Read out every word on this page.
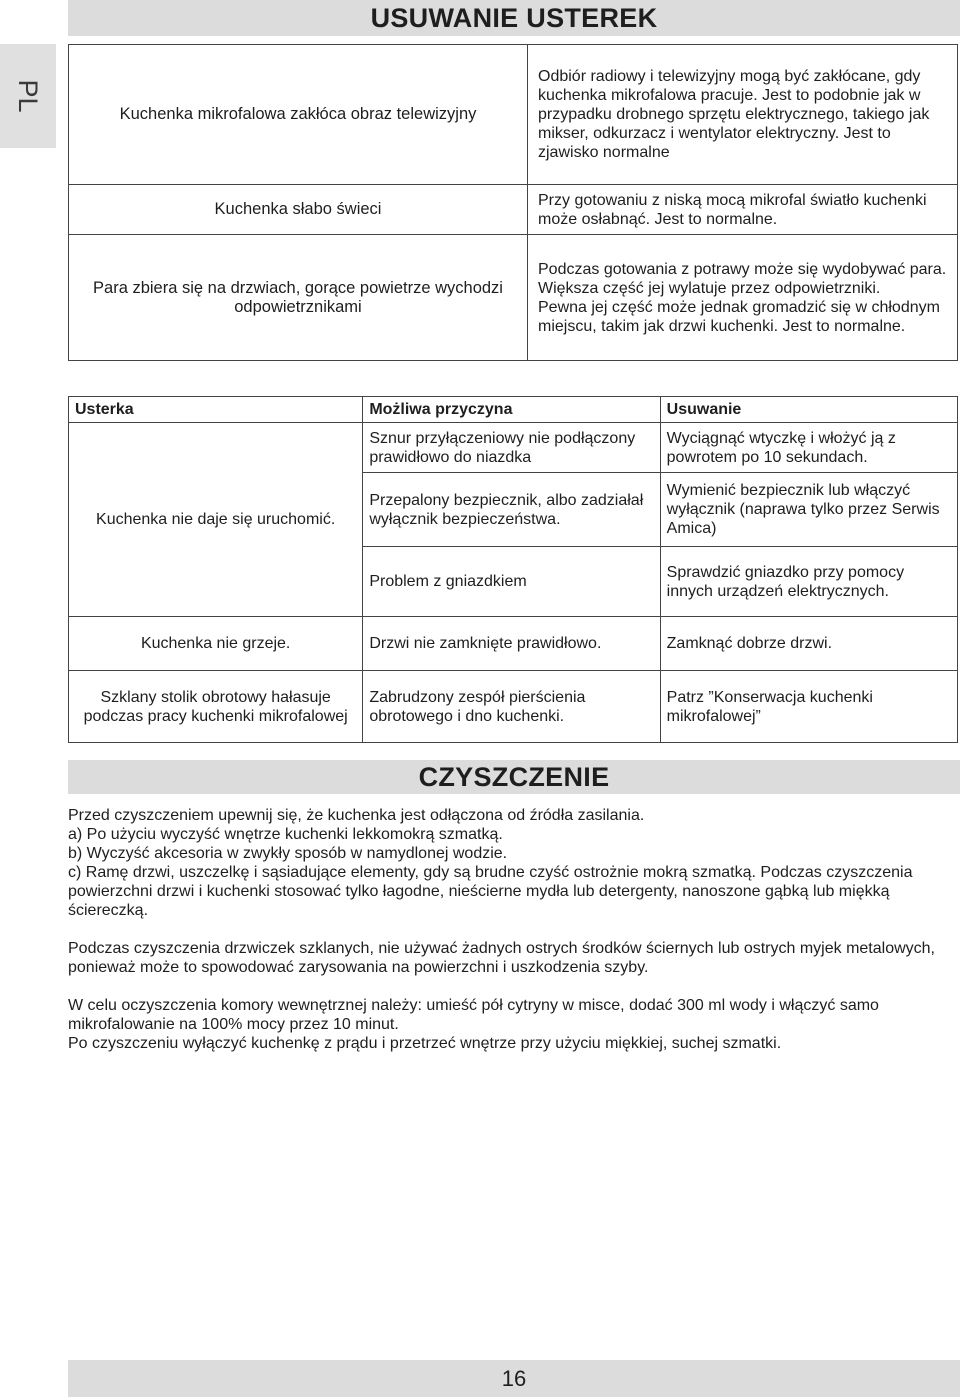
PL
USUWANIE USTEREK
Kuchenka mikrofalowa zakłóca obraz telewizyjny	Odbiór radiowy i telewizyjny mogą być zakłócane, gdy kuchenka mikrofalowa pracuje. Jest to podobnie jak w przypadku drobnego sprzętu elektrycznego, takiego jak mikser, odkurzacz i wentylator elektryczny. Jest to zjawisko normalne

Kuchenka słabo świeci	Przy gotowaniu z niską mocą mikrofal światło kuchenki może osłabnąć. Jest to normalne.

Para zbiera się na drzwiach, gorące powietrze wychodzi odpowietrznikami	Podczas gotowania z potrawy może się wydobywać para. Większa część jej wylatuje przez odpowietrzniki.

Pewna jej część może jednak gromadzić się w chłodnym miejscu, takim jak drzwi kuchenki. Jest to normalne.

Usterka	Możliwa przyczyna	Usuwanie
Kuchenka nie daje się uruchomić.	Sznur przyłączeniowy nie podłączony prawidłowo do niazdka	Wyciągnąć wtyczkę i włożyć ją z powrotem po 10 sekundach.
	Przepalony bezpiecznik, albo zadziałał wyłącznik bezpieczeństwa.	Wymienić bezpiecznik lub włączyć wyłącznik (naprawa tylko przez Serwis Amica)
	Problem z gniazdkiem	Sprawdzić gniazdko przy pomocy innych urządzeń elektrycznych.
Kuchenka nie grzeje.	Drzwi nie zamknięte prawidłowo.	Zamknąć dobrze drzwi.
Szklany stolik obrotowy hałasuje podczas pracy kuchenki mikrofalowej	Zabrudzony zespół pierścienia obrotowego i dno kuchenki.	Patrz ”Konserwacja kuchenki mikrofalowej”
CZYSZCZENIE

Przed czyszczeniem upewnij się, że kuchenka jest odłączona od źródła zasilania.

a) Po użyciu wyczyść wnętrze kuchenki lekkomokrą szmatką.

b) Wyczyść akcesoria w zwykły sposób w namydlonej wodzie.

c) Ramę drzwi, uszczelkę i sąsiadujące elementy, gdy są brudne czyść ostrożnie mokrą szmatką. Podczas czyszczenia powierzchni drzwi i kuchenki stosować tylko łagodne, nieścierne mydła lub detergenty, nanoszone gąbką lub miękką ściereczką.

Podczas czyszczenia drzwiczek szklanych, nie używać żadnych ostrych środków ściernych lub ostrych myjek metalowych, ponieważ może to spowodować zarysowania na powierzchni i uszkodzenia szyby.

W celu oczyszczenia komory wewnętrznej należy: umieść pół cytryny w misce, dodać 300 ml wody i włączyć samo mikrofalowanie na 100% mocy przez 10 minut.

Po czyszczeniu wyłączyć kuchenkę z prądu i przetrzeć wnętrze przy użyciu miękkiej, suchej szmatki.

16
